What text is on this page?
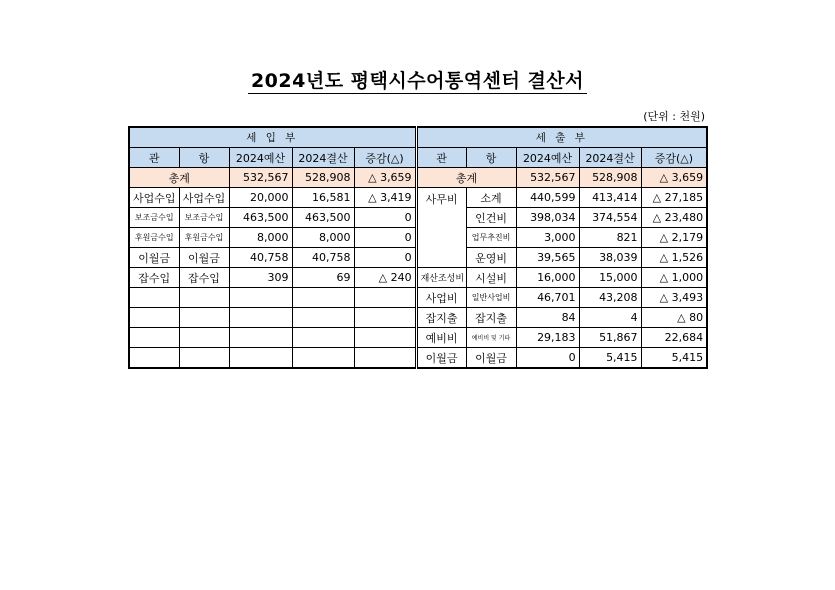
2024년도 평택시수어통역센터 결산서
(단위 : 천원)
세 입 부					세 출 부				
관	항	2024예산	2024결산	증감(△)	관	항	2024예산	2024결산	증감(△)
총계		532,567	528,908	△ 3,659	총계		532,567	528,908	△ 3,659
사업수입	사업수입	20,000	16,581	△ 3,419	사무비	소계	440,599	413,414	△ 27,185
보조금수입	보조금수입	463,500	463,500	0		인건비	398,034	374,554	△ 23,480
후원금수입	후원금수입	8,000	8,000	0		업무추진비	3,000	821	△ 2,179
이월금	이월금	40,758	40,758	0		운영비	39,565	38,039	△ 1,526
잡수입	잡수입	309	69	△ 240	재산조성비	시설비	16,000	15,000	△ 1,000
					사업비	일반사업비	46,701	43,208	△ 3,493
					잡지출	잡지출	84	4	△ 80
					예비비	예비비 및 기타	29,183	51,867	22,684
					이월금	이월금	0	5,415	5,415
